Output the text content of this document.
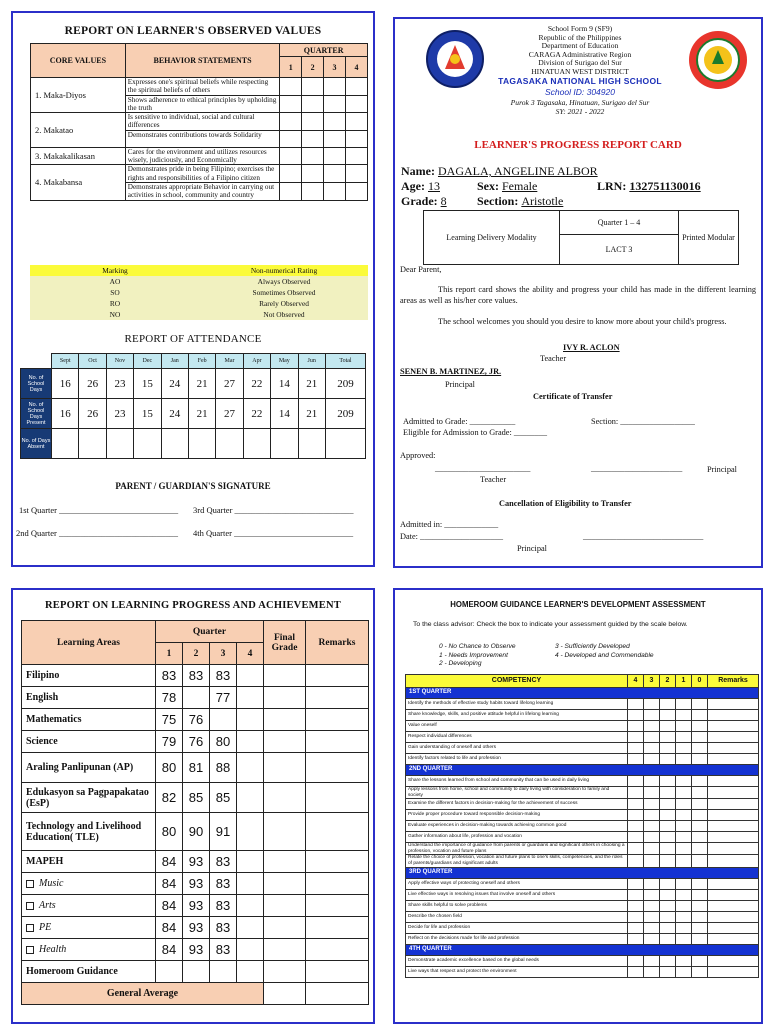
REPORT ON LEARNER'S OBSERVED VALUES
CORE VALUES	BEHAVIOR STATEMENTS	QUARTER			
		1	2	3	4
1. Maka-Diyos	Expresses one's spiritual beliefs while respecting the spiritual beliefs of others				
	Shows adherence to ethical principles by upholding the truth				
2. Makatao	Is sensitive to individual, social and cultural differences				
	Demonstrates contributions towards Solidarity				
3. Makakalikasan	Cares for the environment and utilizes resources wisely, judiciously, and Economically				
4. Makabansa	Demonstrates pride in being Filipino; exercises the rights and responsibilities of a Filipino citizen				
	Demonstrates appropriate Behavior in carrying out activities in school, community and country				
Marking	Non-numerical Rating
AO	Always Observed
SO	Sometimes Observed
RO	Rarely Observed
NO	Not Observed
REPORT OF ATTENDANCE
	Sept	Oct	Nov	Dec	Jan	Feb	Mar	Apr	May	Jun	Total
No. of School Days	16	26	23	15	24	21	27	22	14	21	209
No. of School Days Present	16	26	23	15	24	21	27	22	14	21	209
No. of Days Absent											
PARENT / GUARDIAN'S SIGNATURE
1st Quarter ____________________________ 3rd Quarter ____________________________
2nd Quarter ____________________________ 4th Quarter ____________________________
School Form 9 (SF9)
Republic of the Philippines
Department of Education
CARAGA Administrative Region
Division of Surigao del Sur
HINATUAN WEST DISTRICT
TAGASAKA NATIONAL HIGH SCHOOL
School ID: 304920
Purok 3 Tagasaka, Hinatuan, Surigao del Sur
SY: 2021 - 2022
LEARNER'S PROGRESS REPORT CARD
Name: DAGALA, ANGELINE ALBOR
Age: 13	Sex: Female	LRN: 132751130016
Grade: 8	Section: Aristotle
Learning Delivery Modality	Quarter 1 – 4	Printed Modular
LACT 3
Dear Parent,
This report card shows the ability and progress your child has made in the different learning areas as well as his/her core values.
The school welcomes you should you desire to know more about your child's progress.
IVY R. ACLON
Teacher
SENEN B. MARTINEZ, JR.
Principal
Certificate of Transfer
Admitted to Grade: ___________	Section: __________________
Eligible for Admission to Grade: ________
Approved:
_______________________	______________________	Principal
Teacher
Cancellation of Eligibility to Transfer
Admitted in: _____________
Date: ____________________	_____________________________
Principal
REPORT ON LEARNING PROGRESS AND ACHIEVEMENT
Learning Areas	Quarter				Final Grade	Remarks
	1	2	3	4		
Filipino	83	83	83			
English	78		77			
Mathematics	75	76				
Science	79	76	80			
Araling Panlipunan (AP)	80	81	88			
Edukasyon sa Pagpapakatao (EsP)	82	85	85			
Technology and Livelihood Education( TLE)	80	90	91			
MAPEH	84	93	83			
Music	84	93	83			
Arts	84	93	83			
PE	84	93	83			
Health	84	93	83			
Homeroom Guidance						
General Average						
HOMEROOM GUIDANCE LEARNER'S DEVELOPMENT ASSESSMENT
To the class advisor: Check the box to indicate your assessment guided by the scale below.
0 - No Chance to Observe
1 - Needs Improvement
2 - Developing
3 - Sufficiently Developed
4 - Developed and Commendable
COMPETENCY	4	3	2	1	0	Remarks
1ST QUARTER						
Identify the methods of effective study habits toward lifelong learning						
Share knowledge, skills, and positive attitude helpful in lifelong learning						
Value oneself						
Respect individual differences						
Gain understanding of oneself and others						
Identify factors related to life and profession						
2ND QUARTER						
Share the lessons learned from school and community that can be used in daily living						
Apply lessons from home, school and community to daily living with consideration to family and society						
Examine the different factors in decision-making for the achievement of success						
Provide proper procedure toward responsible decision-making						
Evaluate experiences in decision-making towards achieving common good						
Gather information about life, profession and vocation						
Understand the importance of guidance from parents or guardians and significant others in choosing a profession, vocation and future plans						
Relate the choice of profession, vocation and future plans to one's skills, competencies, and the roles of parents/guardians and significant adults						
3RD QUARTER						
Apply effective ways of protecting oneself and others						
Live effective ways in resolving issues that involve oneself and others						
Share skills helpful to solve problems						
Describe the chosen field						
Decide for life and profession						
Reflect on the decisions made for life and profession						
4TH QUARTER						
Demonstrate academic excellence based on the global needs						
Live ways that respect and protect the environment						
